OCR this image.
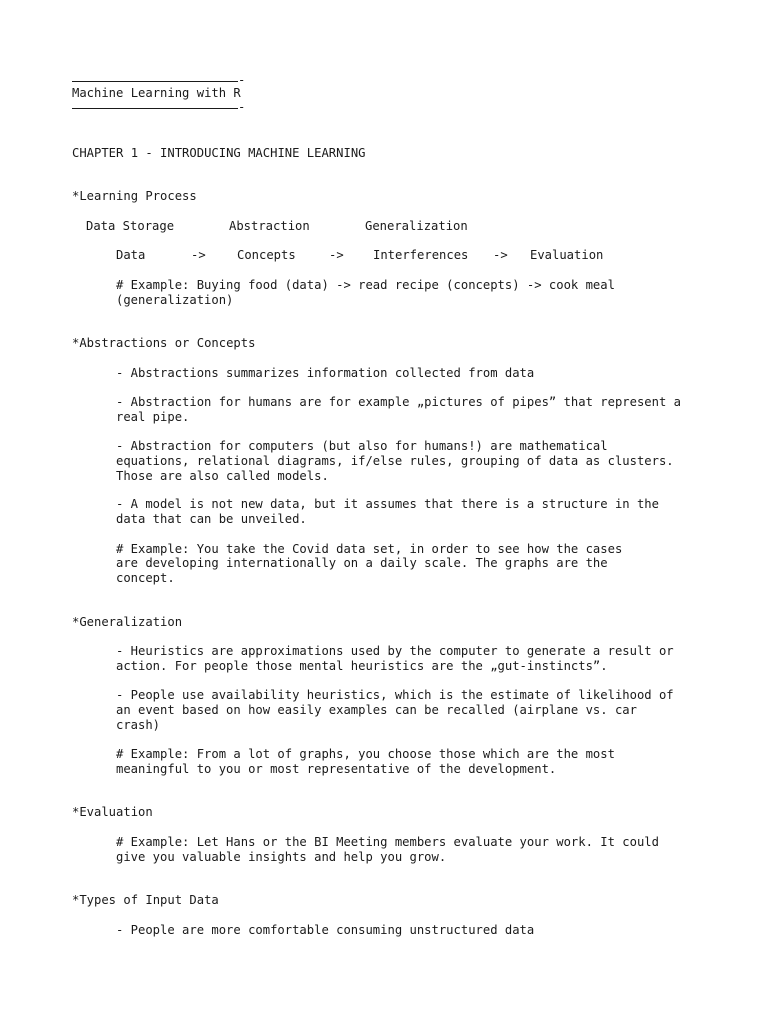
-
Machine Learning with R
-
CHAPTER 1 - INTRODUCING MACHINE LEARNING
*Learning Process
Data Storage	Abstraction	Generalization
Data	->	Concepts	->	Interferences	->	Evaluation
# Example: Buying food (data) -> read recipe (concepts) -> cook meal
(generalization)
*Abstractions or Concepts
- Abstractions summarizes information collected from data
- Abstraction for humans are for example „pictures of pipes” that represent a
real pipe.
- Abstraction for computers (but also for humans!) are mathematical
equations, relational diagrams, if/else rules, grouping of data as clusters.
Those are also called models.
- A model is not new data, but it assumes that there is a structure in the
data that can be unveiled.
# Example: You take the Covid data set, in order to see how the cases
are developing internationally on a daily scale. The graphs are the
concept.
*Generalization
- Heuristics are approximations used by the computer to generate a result or
action. For people those mental heuristics are the „gut-instincts”.
- People use availability heuristics, which is the estimate of likelihood of
an event based on how easily examples can be recalled (airplane vs. car
crash)
# Example: From a lot of graphs, you choose those which are the most
meaningful to you or most representative of the development.
*Evaluation
# Example: Let Hans or the BI Meeting members evaluate your work. It could
give you valuable insights and help you grow.
*Types of Input Data
- People are more comfortable consuming unstructured data
